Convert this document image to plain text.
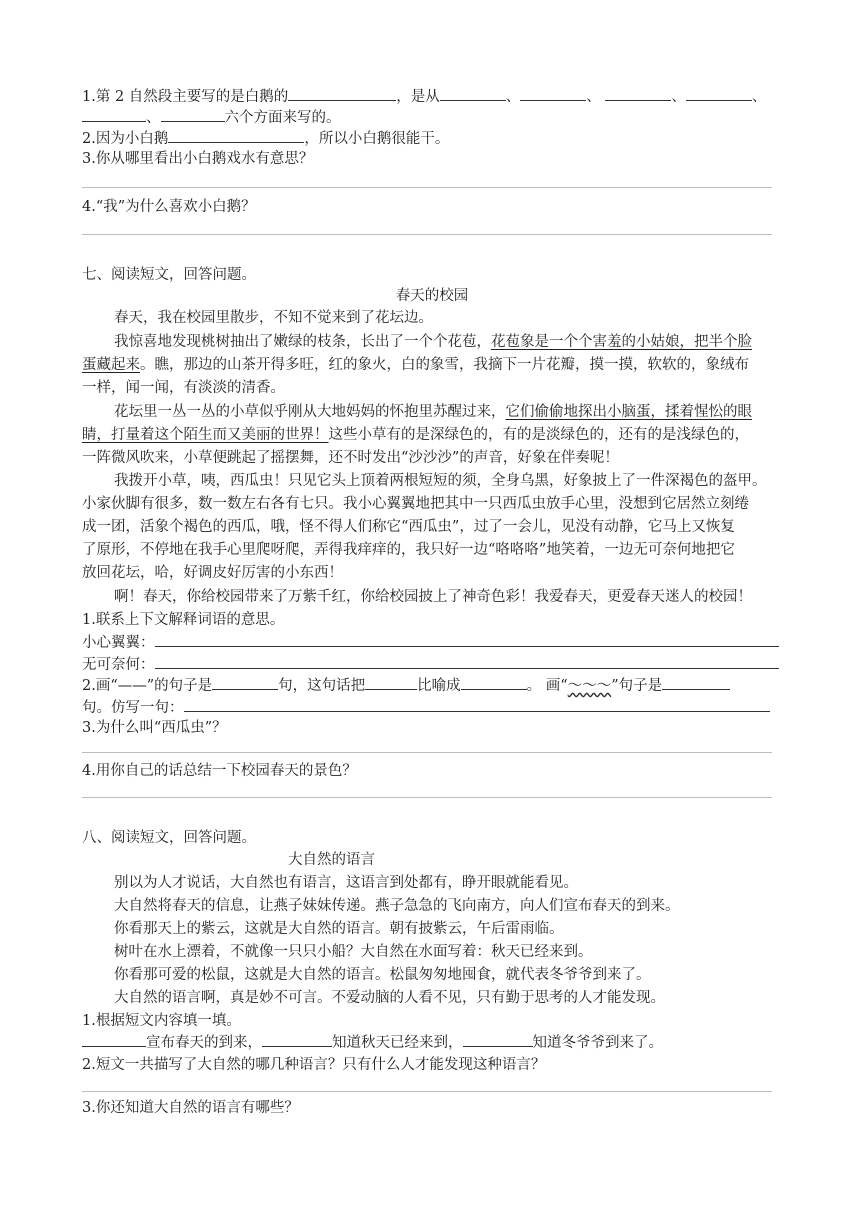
1.第 2 自然段主要写的是白鹅的	，是从	、	、	、	、
、	六个方面来写的。
2.因为小白鹅	，所以小白鹅很能干。
3.你从哪里看出小白鹅戏水有意思？
4.“我”为什么喜欢小白鹅？
七、阅读短文，回答问题。
春天的校园
春天，我在校园里散步，不知不觉来到了花坛边。
我惊喜地发现桃树抽出了嫩绿的枝条，长出了一个个花苞，花苞象是一个个害羞的小姑娘，把半个脸
蛋藏起来。瞧，那边的山茶开得多旺，红的象火，白的象雪，我摘下一片花瓣，摸一摸，软软的，象绒布
一样，闻一闻，有淡淡的清香。
花坛里一丛一丛的小草似乎刚从大地妈妈的怀抱里苏醒过来，它们偷偷地探出小脑蛋，揉着惺忪的眼
睛，打量着这个陌生而又美丽的世界！这些小草有的是深绿色的，有的是淡绿色的，还有的是浅绿色的，
一阵微风吹来，小草便跳起了摇摆舞，还不时发出“沙沙沙”的声音，好象在伴奏呢！
我拨开小草，咦，西瓜虫！只见它头上顶着两根短短的须，全身乌黑，好象披上了一件深褐色的盔甲。
小家伙脚有很多，数一数左右各有七只。我小心翼翼地把其中一只西瓜虫放手心里，没想到它居然立刻绻
成一团，活象个褐色的西瓜，哦，怪不得人们称它“西瓜虫”，过了一会儿，见没有动静，它马上又恢复
了原形，不停地在我手心里爬呀爬，弄得我痒痒的，我只好一边“咯咯咯”地笑着，一边无可奈何地把它
放回花坛，哈，好调皮好厉害的小东西！
啊！春天，你给校园带来了万紫千红，你给校园披上了神奇色彩！我爱春天，更爱春天迷人的校园！
1.联系上下文解释词语的意思。
小心翼翼：
无可奈何：
2.画“——”的句子是	句，这句话把	比喻成	。 画“～～～”句子是
句。仿写一句：
3.为什么叫“西瓜虫”？
4.用你自己的话总结一下校园春天的景色？
八、阅读短文，回答问题。
大自然的语言
别以为人才说话，大自然也有语言，这语言到处都有，睁开眼就能看见。
大自然将春天的信息，让燕子妹妹传递。燕子急急的飞向南方，向人们宣布春天的到来。
你看那天上的紫云，这就是大自然的语言。朝有披紫云，午后雷雨临。
树叶在水上漂着，不就像一只只小船？大自然在水面写着：秋天已经来到。
你看那可爱的松鼠，这就是大自然的语言。松鼠匆匆地囤食，就代表冬爷爷到来了。
大自然的语言啊，真是妙不可言。不爱动脑的人看不见，只有勤于思考的人才能发现。
1.根据短文内容填一填。
宣布春天的到来，	知道秋天已经来到，	知道冬爷爷到来了。
2.短文一共描写了大自然的哪几种语言？只有什么人才能发现这种语言？
3.你还知道大自然的语言有哪些？
